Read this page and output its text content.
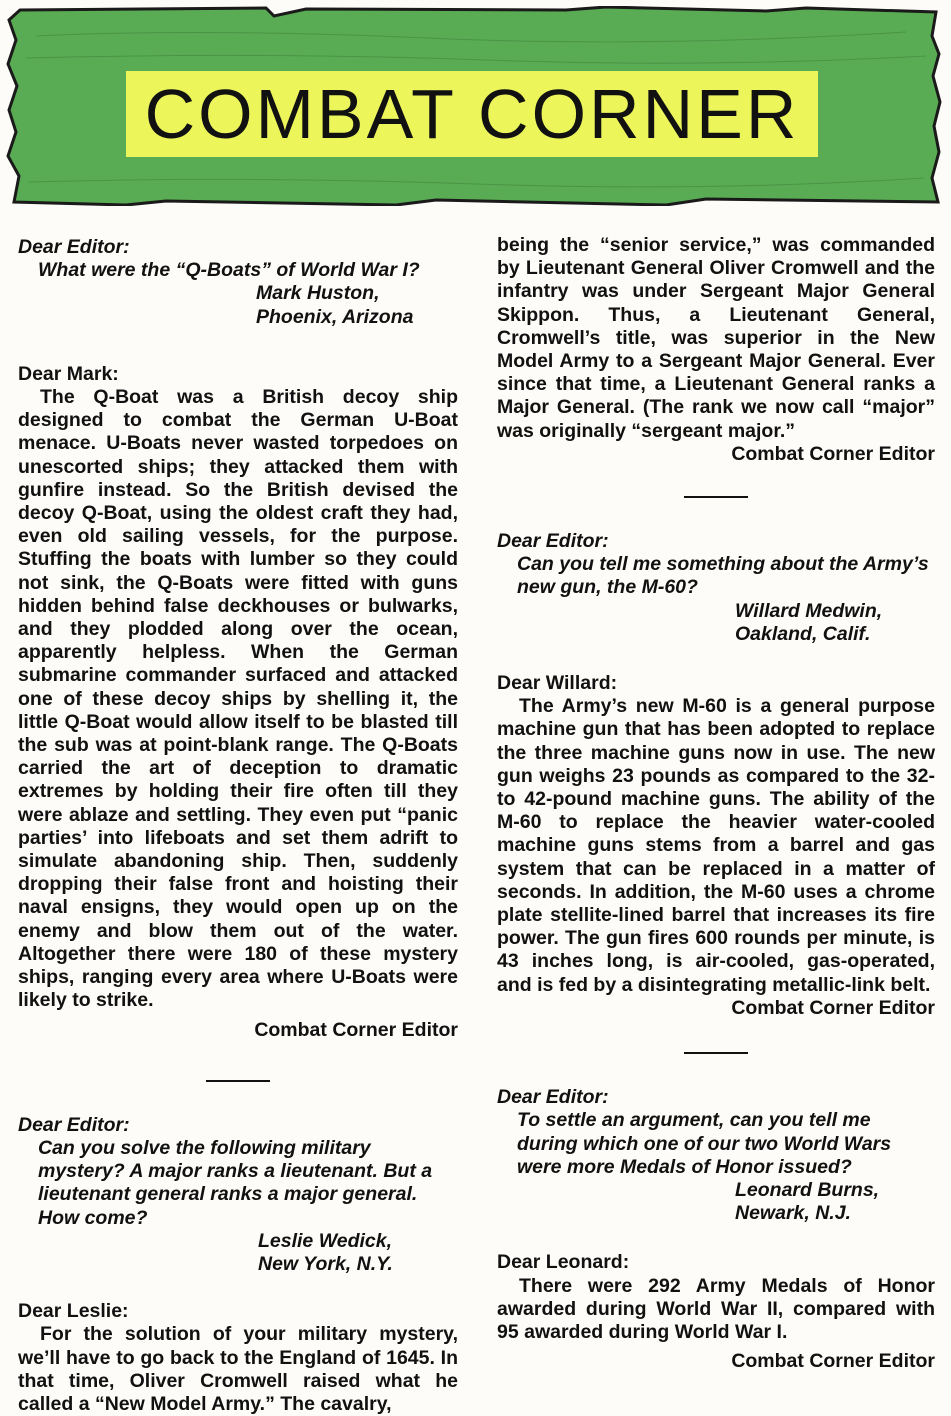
COMBAT CORNER

Dear Editor:

What were the “Q-Boats” of World War I?

Mark Huston,

Phoenix, Arizona

Dear Mark:

The Q-Boat was a British decoy ship designed to combat the German U-Boat menace. U-Boats never wasted torpedoes on unescorted ships; they attacked them with gunfire instead. So the British devised the decoy Q-Boat, using the oldest craft they had, even old sailing vessels, for the purpose. Stuffing the boats with lumber so they could not sink, the Q-Boats were fitted with guns hidden behind false deckhouses or bulwarks, and they plodded along over the ocean, apparently helpless. When the German submarine commander surfaced and attacked one of these decoy ships by shelling it, the little Q-Boat would allow itself to be blasted till the sub was at point-blank range. The Q-Boats carried the art of deception to dramatic extremes by holding their fire often till they were ablaze and settling. They even put “panic parties’ into lifeboats and set them adrift to simulate abandoning ship. Then, suddenly dropping their false front and hoisting their naval ensigns, they would open up on the enemy and blow them out of the water. Altogether there were 180 of these mystery ships, ranging every area where U-Boats were likely to strike.

Combat Corner Editor

Dear Editor:

Can you solve the following military mystery? A major ranks a lieutenant. But a lieutenant general ranks a major general. How come?

Leslie Wedick,

New York, N.Y.

Dear Leslie:

For the solution of your military mystery, we’ll have to go back to the England of 1645. In that time, Oliver Cromwell raised what he called a “New Model Army.” The cavalry,

being the “senior service,” was commanded by Lieutenant General Oliver Cromwell and the infantry was under Sergeant Major General Skippon. Thus, a Lieutenant General, Cromwell’s title, was superior in the New Model Army to a Sergeant Major General. Ever since that time, a Lieutenant General ranks a Major General. (The rank we now call “major” was originally “sergeant major.”

Combat Corner Editor

Dear Editor:

Can you tell me something about the Army’s new gun, the M-60?

Willard Medwin,

Oakland, Calif.

Dear Willard:

The Army’s new M-60 is a general purpose machine gun that has been adopted to replace the three machine guns now in use. The new gun weighs 23 pounds as compared to the 32- to 42-pound machine guns. The ability of the M-60 to replace the heavier water-cooled machine guns stems from a barrel and gas system that can be replaced in a matter of seconds. In addition, the M-60 uses a chrome plate stellite-lined barrel that increases its fire power. The gun fires 600 rounds per minute, is 43 inches long, is air-cooled, gas-operated, and is fed by a disintegrating metallic-link belt.

Combat Corner Editor

Dear Editor:

To settle an argument, can you tell me during which one of our two World Wars were more Medals of Honor issued?

Leonard Burns,

Newark, N.J.

Dear Leonard:

There were 292 Army Medals of Honor awarded during World War II, compared with 95 awarded during World War I.

Combat Corner Editor
